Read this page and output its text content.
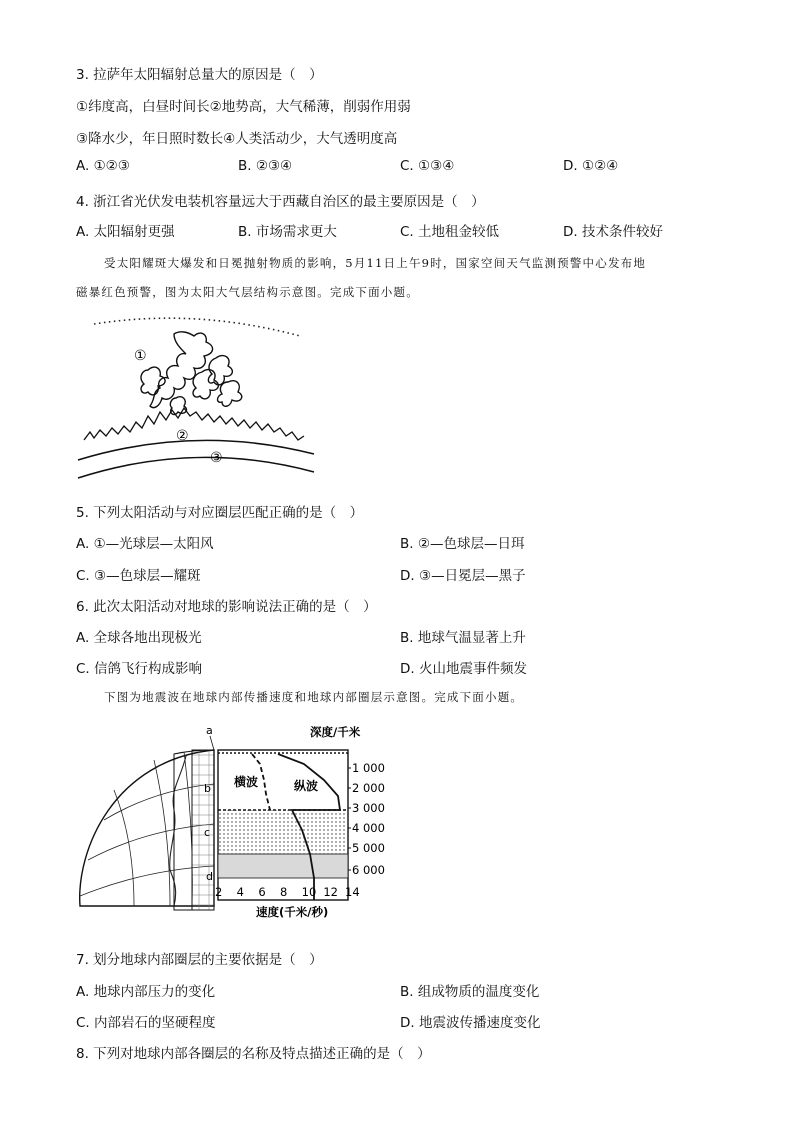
3. 拉萨年太阳辐射总量大的原因是（　）
①纬度高，白昼时间长②地势高，大气稀薄，削弱作用弱
③降水少，年日照时数长④人类活动少，大气透明度高
A. ①②③	B. ②③④	C. ①③④	D. ①②④
4. 浙江省光伏发电装机容量远大于西藏自治区的最主要原因是（　）
A. 太阳辐射更强	B. 市场需求更大	C. 土地租金较低	D. 技术条件较好
受太阳耀斑大爆发和日冕抛射物质的影响，5月11日上午9时，国家空间天气监测预警中心发布地
磁暴红色预警，图为太阳大气层结构示意图。完成下面小题。
①
②
③
5. 下列太阳活动与对应圈层匹配正确的是（　）
A. ①—光球层—太阳风	B. ②—色球层—日珥
C. ③—色球层—耀斑	D. ③—日冕层—黑子
6. 此次太阳活动对地球的影响说法正确的是（　）
A. 全球各地出现极光	B. 地球气温显著上升
C. 信鸽飞行构成影响	D. 火山地震事件频发
下图为地震波在地球内部传播速度和地球内部圈层示意图。完成下面小题。
横波	纵波
深度/千米
1 000
2 000
3 000
4 000
5 000
6 000
2 4 6 8 10 12 14
速度(千米/秒)
a
b
c
d
7. 划分地球内部圈层的主要依据是（　）
A. 地球内部压力的变化	B. 组成物质的温度变化
C. 内部岩石的坚硬程度	D. 地震波传播速度变化
8. 下列对地球内部各圈层的名称及特点描述正确的是（　）
